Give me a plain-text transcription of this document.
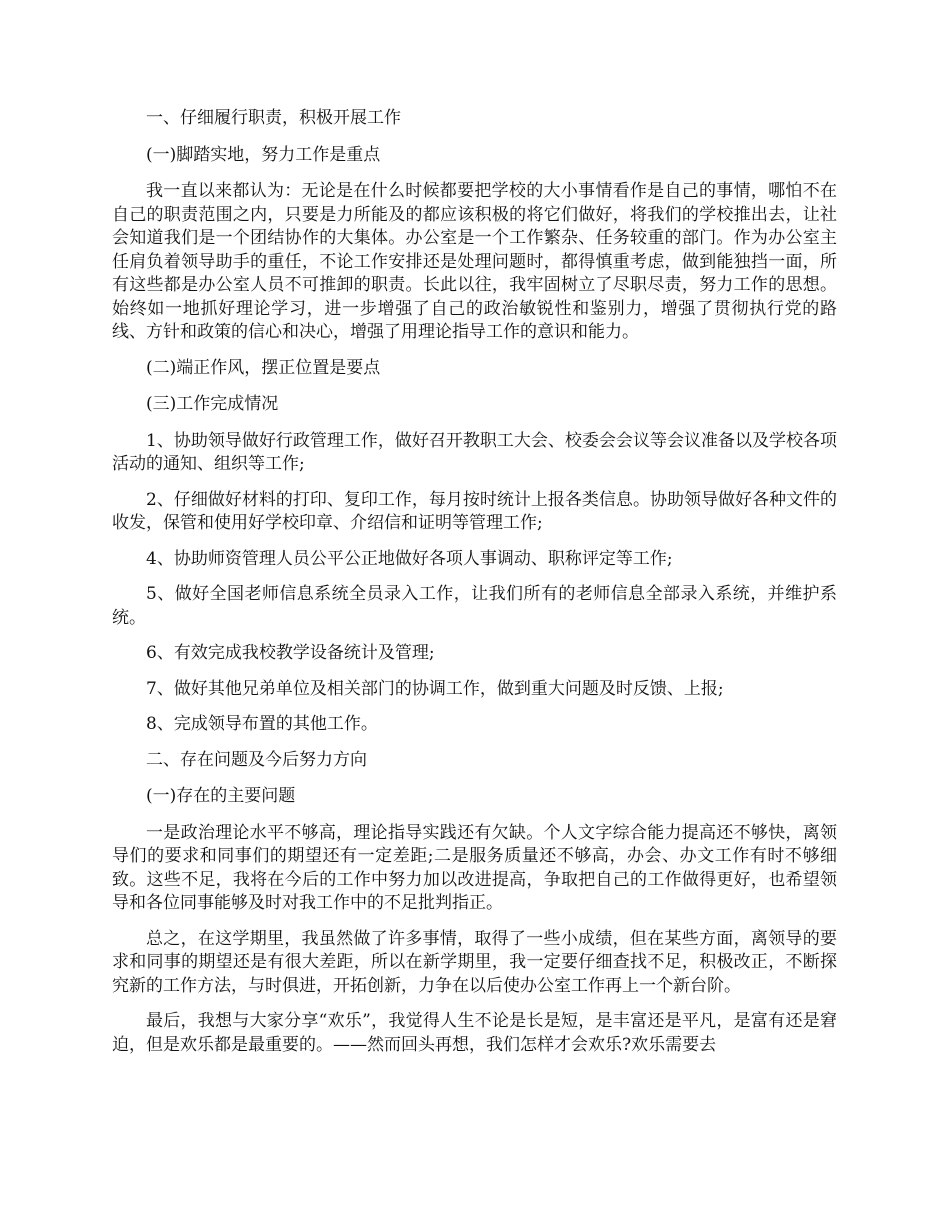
一、仔细履行职责，积极开展工作

(一)脚踏实地，努力工作是重点

我一直以来都认为：无论是在什么时候都要把学校的大小事情看作是自己的事情，哪怕不在自己的职责范围之内，只要是力所能及的都应该积极的将它们做好，将我们的学校推出去，让社会知道我们是一个团结协作的大集体。办公室是一个工作繁杂、任务较重的部门。作为办公室主任肩负着领导助手的重任，不论工作安排还是处理问题时，都得慎重考虑，做到能独挡一面，所有这些都是办公室人员不可推卸的职责。长此以往，我牢固树立了尽职尽责，努力工作的思想。始终如一地抓好理论学习，进一步增强了自己的政治敏锐性和鉴别力，增强了贯彻执行党的路线、方针和政策的信心和决心，增强了用理论指导工作的意识和能力。

(二)端正作风，摆正位置是要点

(三)工作完成情况

1、协助领导做好行政管理工作，做好召开教职工大会、校委会会议等会议准备以及学校各项活动的通知、组织等工作;

2、仔细做好材料的打印、复印工作，每月按时统计上报各类信息。协助领导做好各种文件的收发，保管和使用好学校印章、介绍信和证明等管理工作;

4、协助师资管理人员公平公正地做好各项人事调动、职称评定等工作;

5、做好全国老师信息系统全员录入工作，让我们所有的老师信息全部录入系统，并维护系统。

6、有效完成我校教学设备统计及管理;

7、做好其他兄弟单位及相关部门的协调工作，做到重大问题及时反馈、上报;

8、完成领导布置的其他工作。

二、存在问题及今后努力方向

(一)存在的主要问题

一是政治理论水平不够高，理论指导实践还有欠缺。个人文字综合能力提高还不够快，离领导们的要求和同事们的期望还有一定差距;二是服务质量还不够高，办会、办文工作有时不够细致。这些不足，我将在今后的工作中努力加以改进提高，争取把自己的工作做得更好，也希望领导和各位同事能够及时对我工作中的不足批判指正。

总之，在这学期里，我虽然做了许多事情，取得了一些小成绩，但在某些方面，离领导的要求和同事的期望还是有很大差距，所以在新学期里，我一定要仔细查找不足，积极改正，不断探究新的工作方法，与时俱进，开拓创新，力争在以后使办公室工作再上一个新台阶。

最后，我想与大家分享“欢乐”，我觉得人生不论是长是短，是丰富还是平凡，是富有还是窘迫，但是欢乐都是最重要的。——然而回头再想，我们怎样才会欢乐?欢乐需要去
